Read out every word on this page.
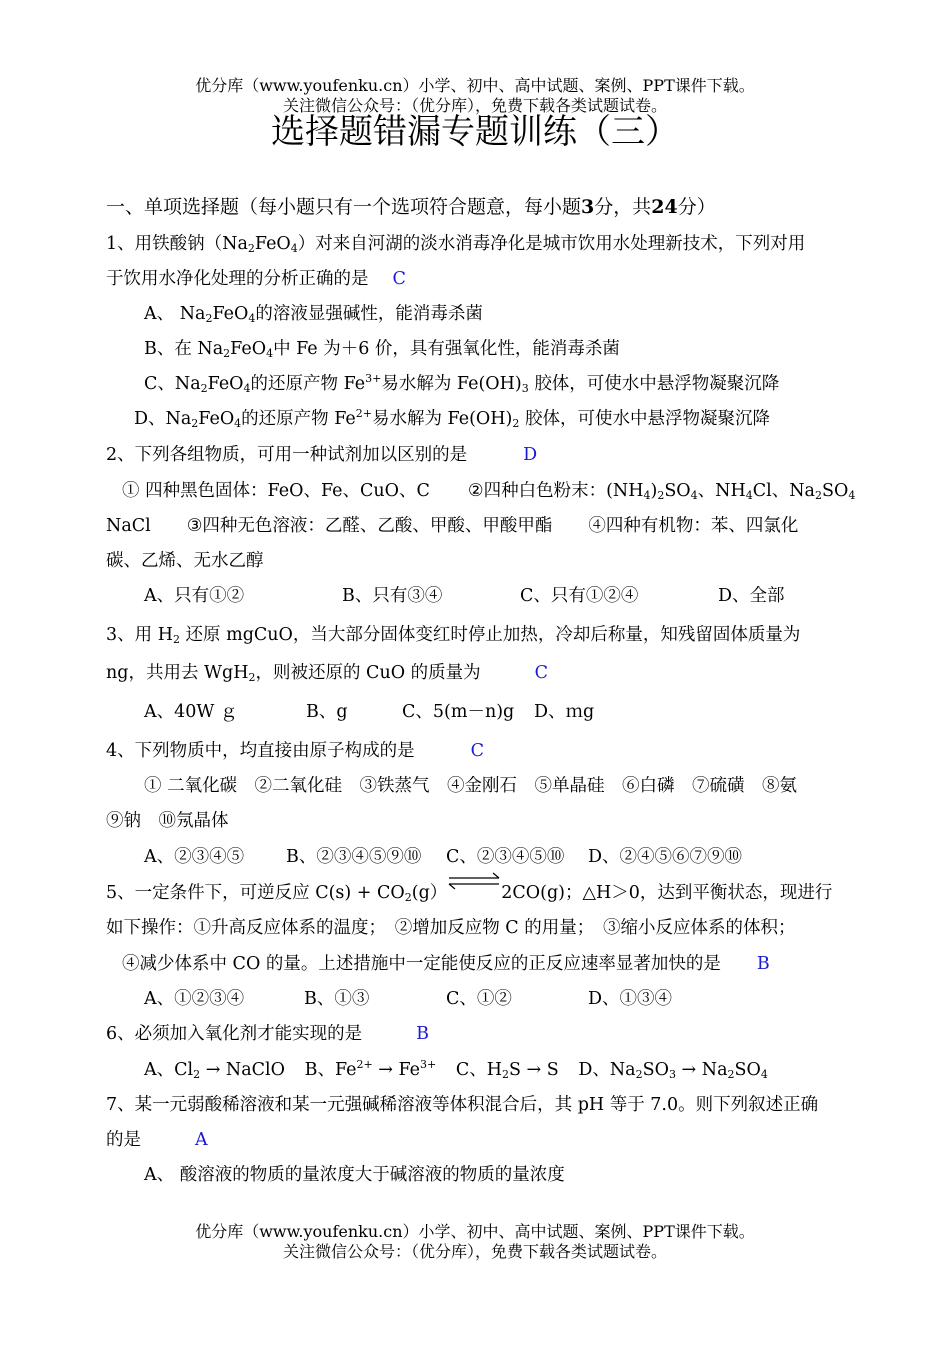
优分库（www.youfenku.cn）小学、初中、高中试题、案例、PPT课件下载。
关注微信公众号：（优分库），免费下载各类试题试卷。
选择题错漏专题训练（三）
一、单项选择题（每小题只有一个选项符合题意，每小题3分，共24分）
1、用铁酸钠$(Na_2FeO_4)$对来自河湖的淡水消毒净化是城市饮用水处理新技术，下列对用
于饮用水净化处理的分析正确的是 C
A、 $Na_2FeO_4$的溶液显强碱性，能消毒杀菌
B、在 $Na_2FeO_4$中 Fe 为＋6 价，具有强氧化性，能消毒杀菌
C、$Na_2FeO_4$的还原产物 $Fe^{3+}$易水解为 $Fe(OH)_3$ 胶体，可使水中悬浮物凝聚沉降
D、$Na_2FeO_4$的还原产物 $Fe^{2+}$易水解为 $Fe(OH)_2$ 胶体，可使水中悬浮物凝聚沉降
2、下列各组物质，可用一种试剂加以区别的是	D
① 四种黑色固体：FeO、Fe、CuO、C ②四种白色粉末：$(NH_4)_2SO_4$、$NH_4Cl$、$Na_2SO_4$
NaCl ③四种无色溶液：乙醛、乙酸、甲酸、甲酸甲酯 ④四种有机物：苯、四氯化
碳、乙烯、无水乙醇
A、只有①②	B、只有③④	C、只有①②④	D、全部
3、用 $H_2$ 还原 mgCuO，当大部分固体变红时停止加热，冷却后称量，知残留固体质量为
ng，共用去 WgH$_2$，则被还原的 CuO 的质量为	C
A、40W ｇ	B、g	C、5(m－n)g D、ｍg
4、下列物质中，均直接由原子构成的是	C
① 二氧化碳　②二氧化硅　③铁蒸气　④金刚石　⑤单晶硅　⑥白磷　⑦硫磺　⑧氨
⑨钠　⑩氖晶体
A、②③④⑤ B、②③④⑤⑨⑩ C、②③④⑤⑩ D、②④⑤⑥⑦⑨⑩
5、一定条件下，可逆反应 $C(s) + CO_2(g)\rightleftharpoons 2CO(g)$；△H＞0，达到平衡状态，现进行
如下操作：①升高反应体系的温度；　②增加反应物 C 的用量；　③缩小反应体系的体积；
④减少体系中 CO 的量。上述措施中一定能使反应的正反应速率显著加快的是 B
A、①②③④	B、①③	C、①②	D、①③④
6、必须加入氧化剂才能实现的是	B
A、$Cl_2$ → NaClO B、$Fe^{2+} \to Fe^{3+}$ C、$H_2S \to S$ D、$Na_2SO_3 \to Na_2SO_4$
7、某一元弱酸稀溶液和某一元强碱稀溶液等体积混合后，其 pH 等于 7.0。则下列叙述正确
的是	A
A、 酸溶液的物质的量浓度大于碱溶液的物质的量浓度
优分库（www.youfenku.cn）小学、初中、高中试题、案例、PPT课件下载。
关注微信公众号：（优分库），免费下载各类试题试卷。
